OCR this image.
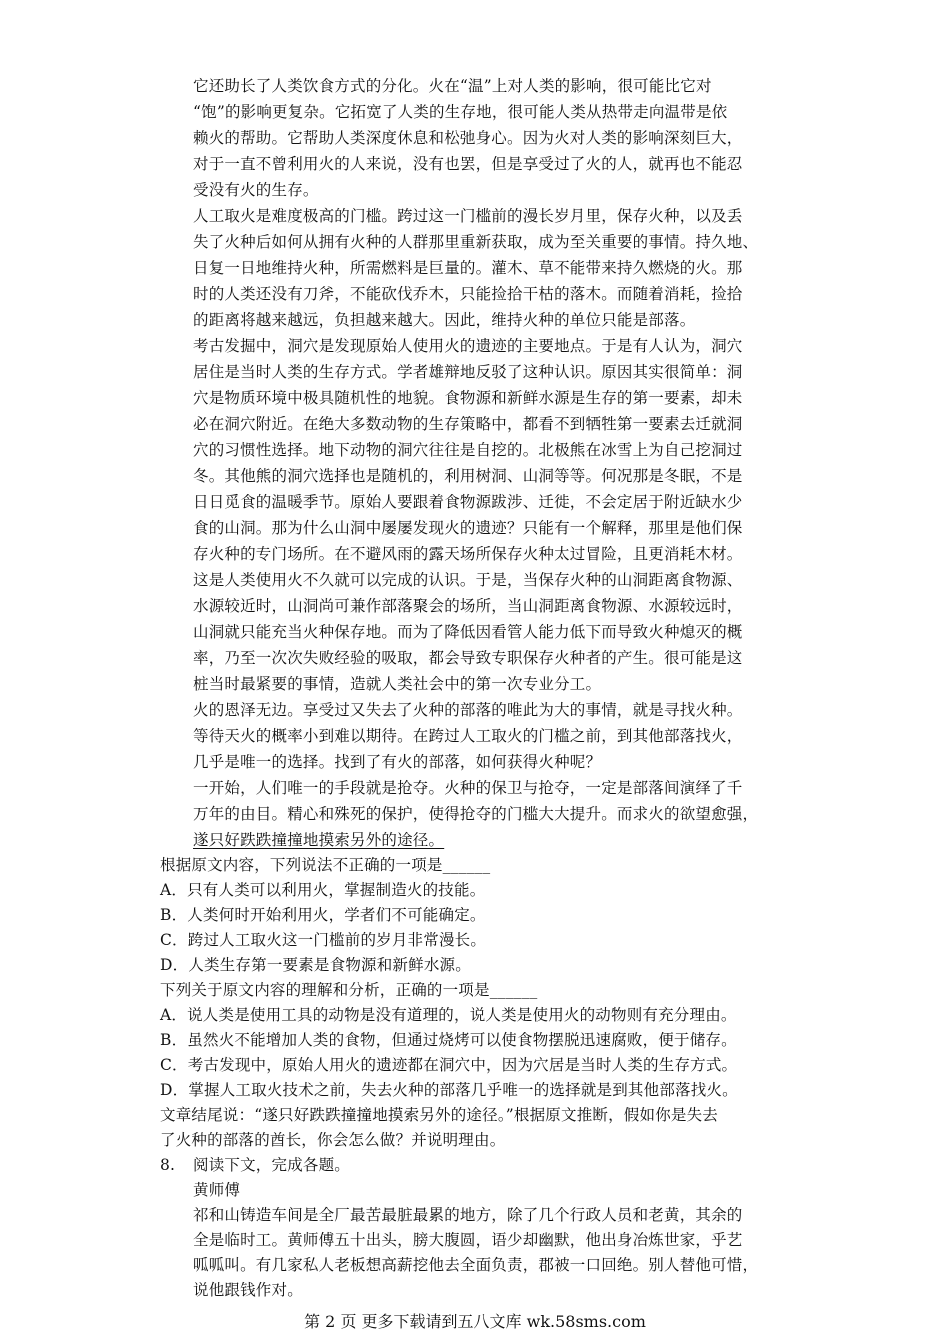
它还助长了人类饮食方式的分化。火在“温”上对人类的影响，很可能比它对
“饱”的影响更复杂。它拓宽了人类的生存地，很可能人类从热带走向温带是依
赖火的帮助。它帮助人类深度休息和松弛身心。因为火对人类的影响深刻巨大，
对于一直不曾利用火的人来说，没有也罢，但是享受过了火的人，就再也不能忍
受没有火的生存。
人工取火是难度极高的门槛。跨过这一门槛前的漫长岁月里，保存火种，以及丢
失了火种后如何从拥有火种的人群那里重新获取，成为至关重要的事情。持久地、
日复一日地维持火种，所需燃料是巨量的。灌木、草不能带来持久燃烧的火。那
时的人类还没有刀斧，不能砍伐乔木，只能捡拾干枯的落木。而随着消耗，捡拾
的距离将越来越远，负担越来越大。因此，维持火种的单位只能是部落。
考古发掘中，洞穴是发现原始人使用火的遗迹的主要地点。于是有人认为，洞穴
居住是当时人类的生存方式。学者雄辩地反驳了这种认识。原因其实很简单：洞
穴是物质环境中极具随机性的地貌。食物源和新鲜水源是生存的第一要素，却未
必在洞穴附近。在绝大多数动物的生存策略中，都看不到牺牲第一要素去迁就洞
穴的习惯性选择。地下动物的洞穴往往是自挖的。北极熊在冰雪上为自己挖洞过
冬。其他熊的洞穴选择也是随机的，利用树洞、山洞等等。何况那是冬眠，不是
日日觅食的温暖季节。原始人要跟着食物源跋涉、迁徙，不会定居于附近缺水少
食的山洞。那为什么山洞中屡屡发现火的遗迹？只能有一个解释，那里是他们保
存火种的专门场所。在不避风雨的露天场所保存火种太过冒险，且更消耗木材。
这是人类使用火不久就可以完成的认识。于是，当保存火种的山洞距离食物源、
水源较近时，山洞尚可兼作部落聚会的场所，当山洞距离食物源、水源较远时，
山洞就只能充当火种保存地。而为了降低因看管人能力低下而导致火种熄灭的概
率，乃至一次次失败经验的吸取，都会导致专职保存火种者的产生。很可能是这
桩当时最紧要的事情，造就人类社会中的第一次专业分工。
火的恩泽无边。享受过又失去了火种的部落的唯此为大的事情，就是寻找火种。
等待天火的概率小到难以期待。在跨过人工取火的门槛之前，到其他部落找火，
几乎是唯一的选择。找到了有火的部落，如何获得火种呢？
一开始，人们唯一的手段就是抢夺。火种的保卫与抢夺，一定是部落间演绎了千
万年的由目。精心和殊死的保护，使得抢夺的门槛大大提升。而求火的欲望愈强，
遂只好跌跌撞撞地摸索另外的途径。
根据原文内容，下列说法不正确的一项是______
A．只有人类可以利用火，掌握制造火的技能。
B．人类何时开始利用火，学者们不可能确定。
C．跨过人工取火这一门槛前的岁月非常漫长。
D．人类生存第一要素是食物源和新鲜水源。
下列关于原文内容的理解和分析，正确的一项是______
A．说人类是使用工具的动物是没有道理的，说人类是使用火的动物则有充分理由。
B．虽然火不能增加人类的食物，但通过烧烤可以使食物摆脱迅速腐败，便于储存。
C．考古发现中，原始人用火的遗迹都在洞穴中，因为穴居是当时人类的生存方式。
D．掌握人工取火技术之前，失去火种的部落几乎唯一的选择就是到其他部落找火。
文章结尾说：“遂只好跌跌撞撞地摸索另外的途径。”根据原文推断，假如你是失去
了火种的部落的酋长，你会怎么做？并说明理由。
8. 阅读下文，完成各题。
黄师傅
祁和山铸造车间是全厂最苦最脏最累的地方，除了几个行政人员和老黄，其余的
全是临时工。黄师傅五十出头，膀大腹圆，语少却幽默，他出身冶炼世家，乎艺
呱呱叫。有几家私人老板想高薪挖他去全面负责，郡被一口回绝。别人替他可惜，
说他跟钱作对。
第 2 页 更多下载请到五八文库 wk.58sms.com
